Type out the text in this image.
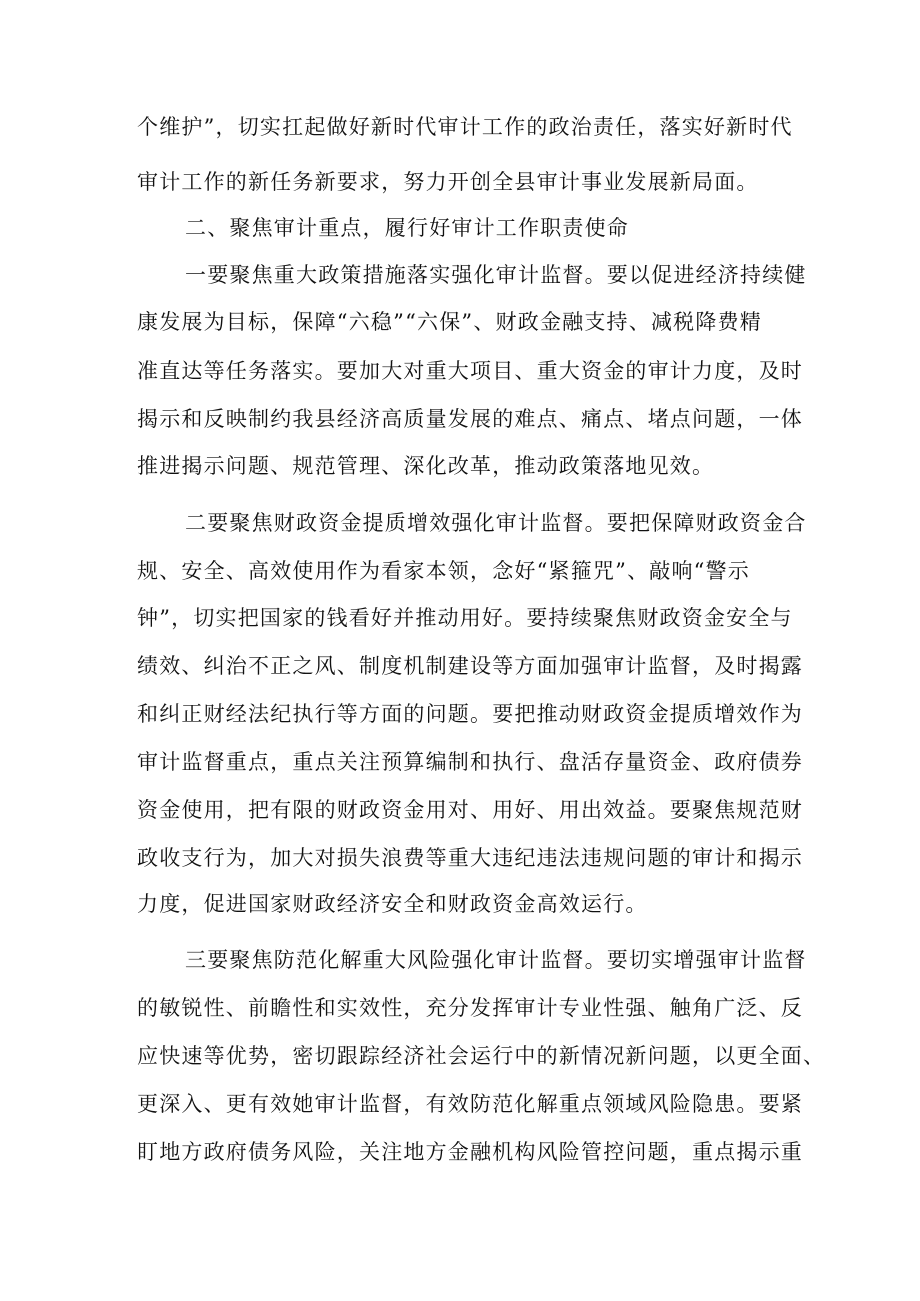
个维护”，切实扛起做好新时代审计工作的政治责任，落实好新时代
审计工作的新任务新要求，努力开创全县审计事业发展新局面。
二、聚焦审计重点，履行好审计工作职责使命
一要聚焦重大政策措施落实强化审计监督。要以促进经济持续健
康发展为目标，保障“六稳”“六保”、财政金融支持、减税降费精
准直达等任务落实。要加大对重大项目、重大资金的审计力度，及时
揭示和反映制约我县经济高质量发展的难点、痛点、堵点问题，一体
推进揭示问题、规范管理、深化改革，推动政策落地见效。
二要聚焦财政资金提质增效强化审计监督。要把保障财政资金合
规、安全、高效使用作为看家本领，念好“紧箍咒”、敲响“警示
钟”，切实把国家的钱看好并推动用好。要持续聚焦财政资金安全与
绩效、纠治不正之风、制度机制建设等方面加强审计监督，及时揭露
和纠正财经法纪执行等方面的问题。要把推动财政资金提质增效作为
审计监督重点，重点关注预算编制和执行、盘活存量资金、政府债券
资金使用，把有限的财政资金用对、用好、用出效益。要聚焦规范财
政收支行为，加大对损失浪费等重大违纪违法违规问题的审计和揭示
力度，促进国家财政经济安全和财政资金高效运行。
三要聚焦防范化解重大风险强化审计监督。要切实增强审计监督
的敏锐性、前瞻性和实效性，充分发挥审计专业性强、触角广泛、反
应快速等优势，密切跟踪经济社会运行中的新情况新问题，以更全面、
更深入、更有效她审计监督，有效防范化解重点领域风险隐患。要紧
盯地方政府债务风险，关注地方金融机构风险管控问题，重点揭示重
